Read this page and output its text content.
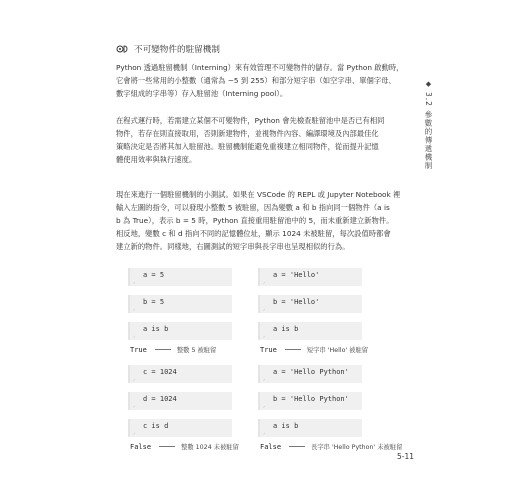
不可變物件的駐留機制
Python 透過駐留機制（Interning）來有效管理不可變物件的儲存。當 Python 啟動時，
它會將一些常用的小整數（通常為 −5 到 255）和部分短字串（如空字串、單個字母、
數字組成的字串等）存入駐留池（Interning pool）。
在程式運行時，若需建立某個不可變物件，Python 會先檢查駐留池中是否已有相同
物件，若存在則直接取用，否則新建物件，並視物件內容、編譯環境及內部最佳化
策略決定是否將其加入駐留池。駐留機制能避免重複建立相同物件，從而提升記憶
體使用效率與執行速度。
現在來進行一個駐留機制的小測試。如果在 VSCode 的 REPL 或 Jupyter Notebook 裡
輸入左圖的指令，可以發現小整數 5 被駐留，因為變數 a 和 b 指向同一個物件（a is
b 為 True），表示 b = 5 時，Python 直接重用駐留池中的 5，而未重新建立新物件。
相反地，變數 c 和 d 指向不同的記憶體位址，顯示 1024 未被駐留，每次設值時都會
建立新的物件。同樣地，右圖測試的短字串與長字串也呈現相似的行為。
◆
3.2 參數的傳遞機制
a = 5
✓
b = 5
✓
a is b
✓
True	整數 5 被駐留
c = 1024
✓
d = 1024
✓
c is d
✓
False	整數 1024 未被駐留
a = 'Hello'
✓
b = 'Hello'
✓
a is b
✓
True	短字串 'Hello' 被駐留
a = 'Hello Python'
✓
b = 'Hello Python'
✓
a is b
✓
False	長字串 'Hello Python' 未被駐留
5-11
